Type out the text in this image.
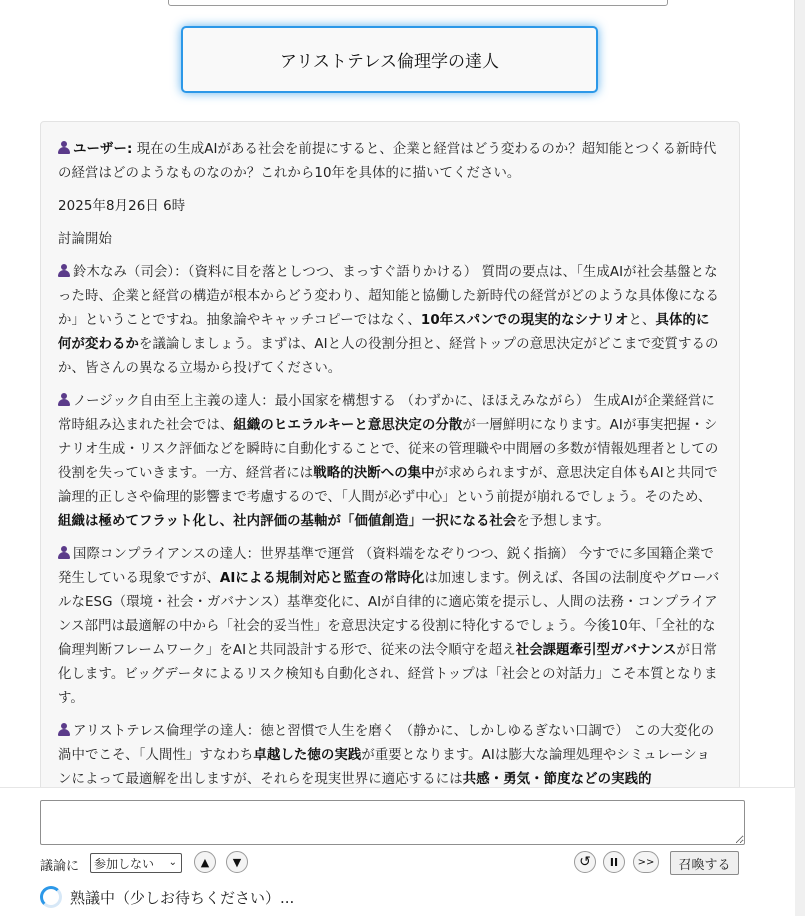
アリストテレス倫理学の達人

ユーザー: 現在の生成AIがある社会を前提にすると、企業と経営はどう変わるのか？超知能とつくる新時代の経営はどのようなものなのか？これから10年を具体的に描いてください。

2025年8月26日 6時

討論開始

鈴木なみ（司会）：（資料に目を落としつつ、まっすぐ語りかける） 質問の要点は、「生成AIが社会基盤となった時、企業と経営の構造が根本からどう変わり、超知能と協働した新時代の経営がどのような具体像になるか」ということですね。抽象論やキャッチコピーではなく、10年スパンでの現実的なシナリオと、具体的に何が変わるかを議論しましょう。まずは、AIと人の役割分担と、経営トップの意思決定がどこまで変質するのか、皆さんの異なる立場から投げてください。

ノージック自由至上主義の達人：最小国家を構想する （わずかに、ほほえみながら） 生成AIが企業経営に常時組み込まれた社会では、組織のヒエラルキーと意思決定の分散が一層鮮明になります。AIが事実把握・シナリオ生成・リスク評価などを瞬時に自動化することで、従来の管理職や中間層の多数が情報処理者としての役割を失っていきます。一方、経営者には戦略的決断への集中が求められますが、意思決定自体もAIと共同で論理的正しさや倫理的影響まで考慮するので、「人間が必ず中心」という前提が崩れるでしょう。そのため、組織は極めてフラット化し、社内評価の基軸が「価値創造」一択になる社会を予想します。

国際コンプライアンスの達人：世界基準で運営 （資料端をなぞりつつ、鋭く指摘） 今すでに多国籍企業で発生している現象ですが、AIによる規制対応と監査の常時化は加速します。例えば、各国の法制度やグローバルなESG（環境・社会・ガバナンス）基準変化に、AIが自律的に適応策を提示し、人間の法務・コンプライアンス部門は最適解の中から「社会的妥当性」を意思決定する役割に特化するでしょう。今後10年、「全社的な倫理判断フレームワーク」をAIと共同設計する形で、従来の法令順守を超え社会課題牽引型ガバナンスが日常化します。ビッグデータによるリスク検知も自動化され、経営トップは「社会との対話力」こそ本質となります。

アリストテレス倫理学の達人：徳と習慣で人生を磨く （静かに、しかしゆるぎない口調で） この大変化の渦中でこそ、「人間性」すなわち卓越した徳の実践が重要となります。AIは膨大な論理処理やシミュレーションによって最適解を出しますが、それらを現実世界に適応するには共感・勇気・節度などの実践的

議論に 参加しない ⌄ ▲ ▼	↺ II >> 召喚する
熟議中（少しお待ちください）...
